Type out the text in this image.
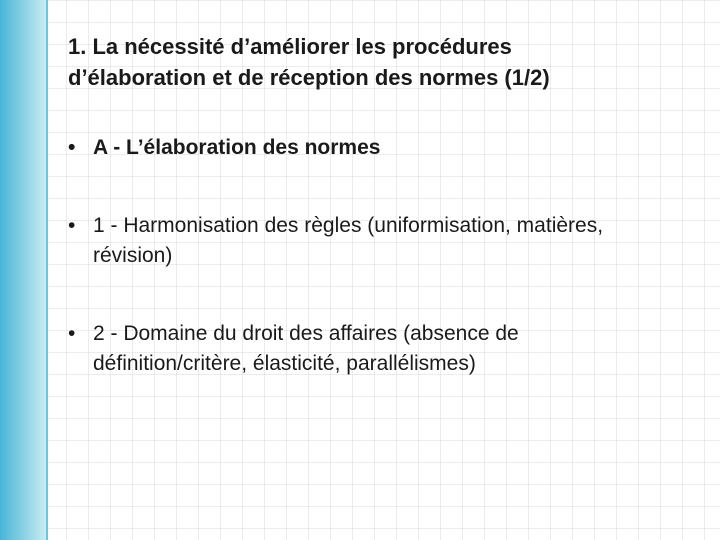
1. La nécessité d’améliorer les procédures
d’élaboration et de réception des normes (1/2)
• A - L’élaboration des normes
• 1 - Harmonisation des règles (uniformisation, matières, révision)
• 2 - Domaine du droit des affaires (absence de définition/critère, élasticité, parallélismes)
